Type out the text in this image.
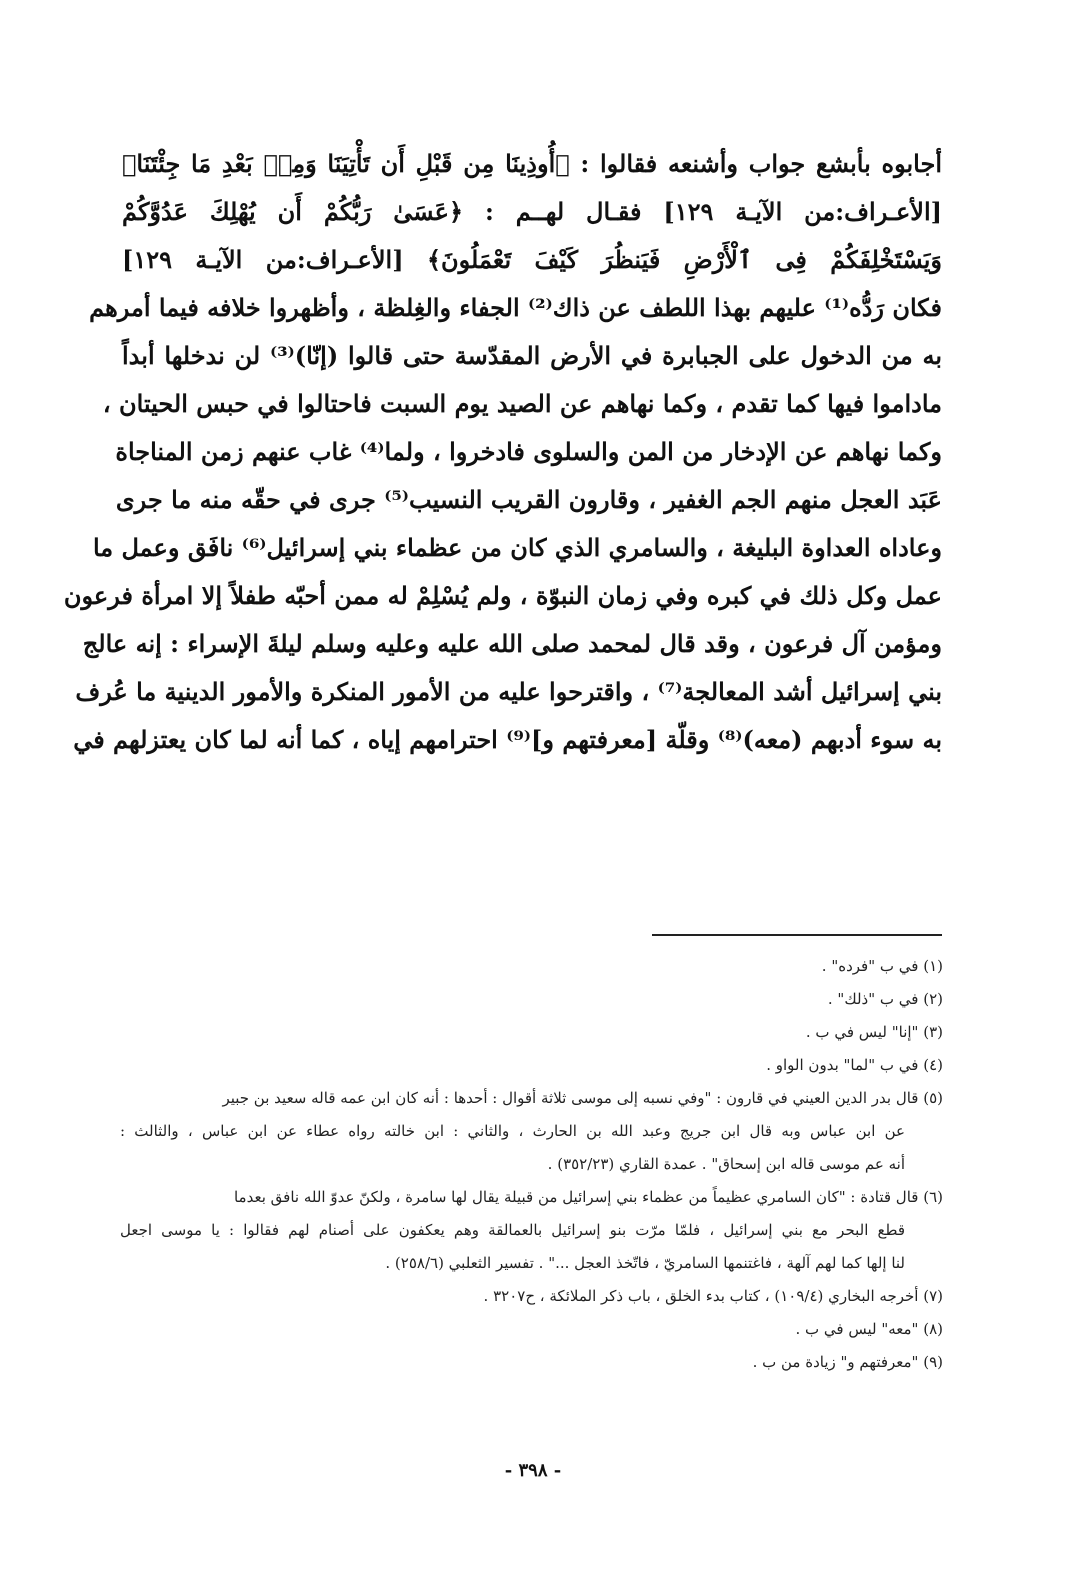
أجابوه بأبشع جواب وأشنعه فقالوا : ﴿أُوذِينَا مِن قَبْلِ أَن تَأْتِيَنَا وَمِنۢ بَعْدِ مَا جِئْتَنَا﴾
[الأعـراف:من الآيـة ١٢٩] فقـال لهــم : ﴿عَسَىٰ رَبُّكُمْ أَن يُهْلِكَ عَدُوَّكُمْ
وَيَسْتَخْلِفَكُمْ فِى ٱلْأَرْضِ فَيَنظُرَ كَيْفَ تَعْمَلُونَ﴾ [الأعـراف:من الآيـة ١٢٩]
فكان رَدُّه⁽¹⁾ عليهم بهذا اللطف عن ذاك⁽²⁾ الجفاء والغِلظة ، وأظهروا خلافه فيما أمرهم
به من الدخول على الجبابرة في الأرض المقدّسة حتى قالوا (إنّا)⁽³⁾ لن ندخلها أبداً
ماداموا فيها كما تقدم ، وكما نهاهم عن الصيد يوم السبت فاحتالوا في حبس الحيتان ،
وكما نهاهم عن الإدخار من المن والسلوى فادخروا ، ولما⁽⁴⁾ غاب عنهم زمن المناجاة
عَبَد العجل منهم الجم الغفير ، وقارون القريب النسيب⁽⁵⁾ جرى في حقّه منه ما جرى
وعاداه العداوة البليغة ، والسامري الذي كان من عظماء بني إسرائيل⁽⁶⁾ نافَق وعمل ما
عمل وكل ذلك في كبره وفي زمان النبوّة ، ولم يُسْلِمْ له ممن أحبّه طفلاً إلا امرأة فرعون
ومؤمن آل فرعون ، وقد قال لمحمد صلى الله عليه وعليه وسلم ليلةَ الإسراء : إنه عالج
بني إسرائيل أشد المعالجة⁽⁷⁾ ، واقترحوا عليه من الأمور المنكرة والأمور الدينية ما عُرف
به سوء أدبهم (معه)⁽⁸⁾ وقلّة [معرفتهم و]⁽⁹⁾ احترامهم إياه ، كما أنه لما كان يعتزلهم في
(١) في ب "فرده" .
(٢) في ب "ذلك" .
(٣) "إنا" ليس في ب .
(٤) في ب "لما" بدون الواو .
(٥) قال بدر الدين العيني في قارون : "وفي نسبه إلى موسى ثلاثة أقوال : أحدها : أنه كان ابن عمه قاله سعيد بن جبير
عن ابن عباس وبه قال ابن جريج وعبد الله بن الحارث ، والثاني : ابن خالته رواه عطاء عن ابن عباس ، والثالث :
أنه عم موسى قاله ابن إسحاق" . عمدة القاري (٣٥٢/٢٣) .
(٦) قال قتادة : "كان السامري عظيماً من عظماء بني إسرائيل من قبيلة يقال لها سامرة ، ولكنّ عدوّ الله نافق بعدما
قطع البحر مع بني إسرائيل ، فلمّا مرّت بنو إسرائيل بالعمالقة وهم يعكفون على أصنام لهم فقالوا : يا موسى اجعل
لنا إلها كما لهم آلهة ، فاغتنمها السامريّ ، فاتّخذ العجل ..." . تفسير الثعلبي (٢٥٨/٦) .
(٧) أخرجه البخاري (١٠٩/٤) ، كتاب بدء الخلق ، باب ذكر الملائكة ، ح٣٢٠٧ .
(٨) "معه" ليس في ب .
(٩) "معرفتهم و" زيادة من ب .
- ٣٩٨ -
